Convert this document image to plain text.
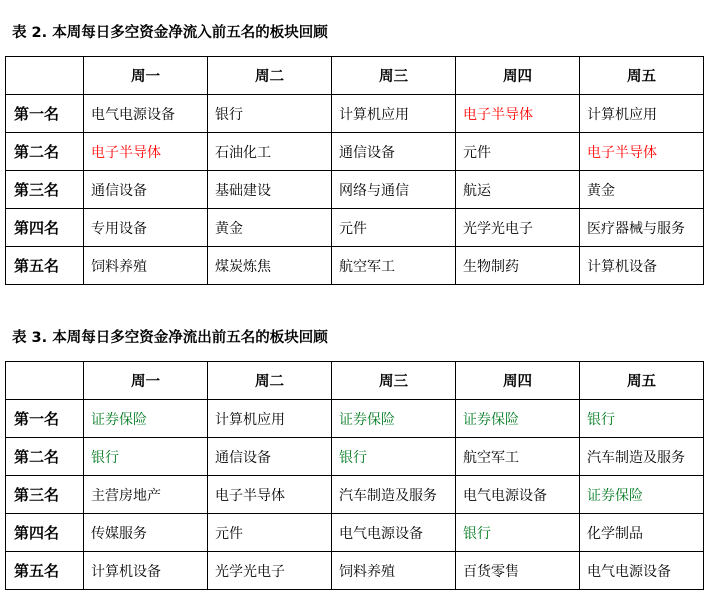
表 2. 本周每日多空资金净流入前五名的板块回顾
	周一	周二	周三	周四	周五
第一名	电气电源设备	银行	计算机应用	电子半导体	计算机应用
第二名	电子半导体	石油化工	通信设备	元件	电子半导体
第三名	通信设备	基础建设	网络与通信	航运	黄金
第四名	专用设备	黄金	元件	光学光电子	医疗器械与服务
第五名	饲料养殖	煤炭炼焦	航空军工	生物制药	计算机设备
表 3. 本周每日多空资金净流出前五名的板块回顾
	周一	周二	周三	周四	周五
第一名	证券保险	计算机应用	证券保险	证券保险	银行
第二名	银行	通信设备	银行	航空军工	汽车制造及服务
第三名	主营房地产	电子半导体	汽车制造及服务	电气电源设备	证券保险
第四名	传媒服务	元件	电气电源设备	银行	化学制品
第五名	计算机设备	光学光电子	饲料养殖	百货零售	电气电源设备
